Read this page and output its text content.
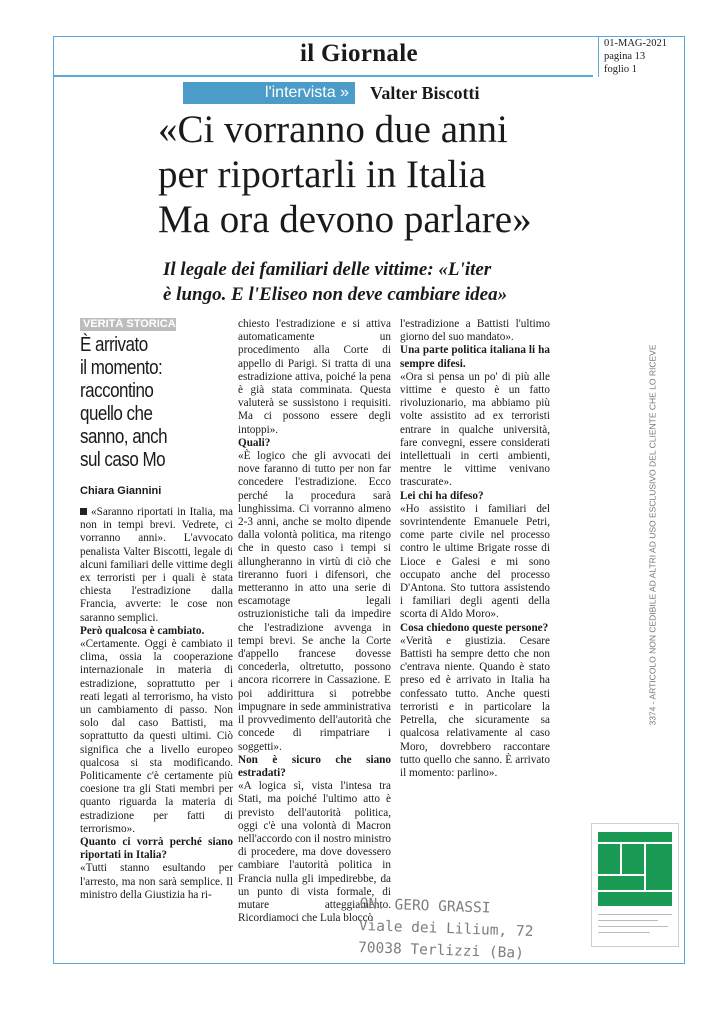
il Giornale	01-MAG-2021
pagina 13
foglio 1
l'intervista »	Valter Biscotti
«Ci vorranno due anni
per riportarli in Italia
Ma ora devono parlare»
Il legale dei familiari delle vittime: «L'iter
è lungo. E l'Eliseo non deve cambiare idea»
VERITÀ STORICA
È arrivato
il momento:
raccontino
quello che
sanno, anch
sul caso Mo
Chiara Giannini

«Saranno riportati in Italia, ma non in tempi brevi. Vedrete, ci vorranno anni». L'avvocato penalista Valter Biscotti, legale di alcuni familiari delle vittime degli ex terroristi per i quali è stata chiesta l'estradizione dalla Francia, avverte: le cose non saranno semplici.

Però qualcosa è cambiato.

«Certamente. Oggi è cambiato il clima, ossia la cooperazione internazionale in materia di estradizione, soprattutto per i reati legati al terrorismo, ha visto un cambiamento di passo. Non solo dal caso Battisti, ma soprattutto da questi ultimi. Ciò significa che a livello europeo qualcosa si sta modificando. Politicamente c'è certamente più coesione tra gli Stati membri per quanto riguarda la materia di estradizione per fatti di terrorismo».

Quanto ci vorrà perché siano riportati in Italia?

«Tutti stanno esultando per l'arresto, ma non sarà semplice. Il ministro della Giustizia ha ri-

chiesto l'estradizione e si attiva automaticamente un procedimento alla Corte di appello di Parigi. Si tratta di una estradizione attiva, poiché la pena è già stata comminata. Questa valuterà se sussistono i requisiti. Ma ci possono essere degli intoppi».

Quali?

«È logico che gli avvocati dei nove faranno di tutto per non far concedere l'estradizione. Ecco perché la procedura sarà lunghissima. Ci vorranno almeno 2-3 anni, anche se molto dipende dalla volontà politica, ma ritengo che in questo caso i tempi si allungheranno in virtù di ciò che tireranno fuori i difensori, che metteranno in atto una serie di escamotage legali ostruzionistiche tali da impedire che l'estradizione avvenga in tempi brevi. Se anche la Corte d'appello francese dovesse concederla, oltretutto, possono ancora ricorrere in Cassazione. E poi addirittura si potrebbe impugnare in sede amministrativa il provvedimento dell'autorità che concede di rimpatriare i soggetti».

Non è sicuro che siano estradati?

«A logica sì, vista l'intesa tra Stati, ma poiché l'ultimo atto è previsto dell'autorità politica, oggi c'è una volontà di Macron nell'accordo con il nostro ministro di procedere, ma dove dovessero cambiare l'autorità politica in Francia nulla gli impedirebbe, da un punto di vista formale, di mutare atteggiamento. Ricordiamoci che Lula bloccò

l'estradizione a Battisti l'ultimo giorno del suo mandato».

Una parte politica italiana li ha sempre difesi.

«Ora si pensa un po' di più alle vittime e questo è un fatto rivoluzionario, ma abbiamo più volte assistito ad ex terroristi entrare in qualche università, fare convegni, essere considerati intellettuali in certi ambienti, mentre le vittime venivano trascurate».

Lei chi ha difeso?

«Ho assistito i familiari del sovrintendente Emanuele Petri, come parte civile nel processo contro le ultime Brigate rosse di Lioce e Galesi e mi sono occupato anche del processo D'Antona. Sto tuttora assistendo i familiari degli agenti della scorta di Aldo Moro».

Cosa chiedono queste persone?

«Verità e giustizia. Cesare Battisti ha sempre detto che non c'entrava niente. Quando è stato preso ed è arrivato in Italia ha confessato tutto. Anche questi terroristi e in particolare la Petrella, che sicuramente sa qualcosa relativamente al caso Moro, dovrebbero raccontare tutto quello che sanno. È arrivato il momento: parlino».

ON. GERO GRASSI
Viale dei Lilium, 72
70038 Terlizzi (Ba)
3374 - ARTICOLO NON CEDIBILE AD ALTRI AD USO ESCLUSIVO DEL CLIENTE CHE LO RICEVE
